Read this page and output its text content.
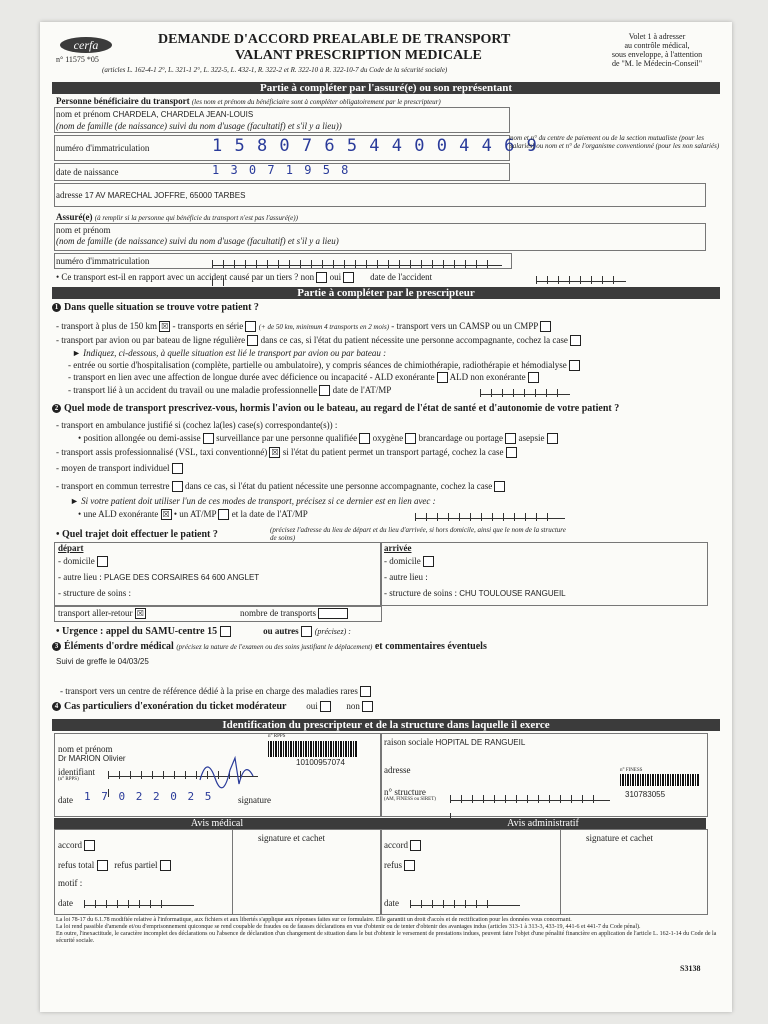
cerfa
n° 11575 *05
DEMANDE D'ACCORD PREALABLE DE TRANSPORT
VALANT PRESCRIPTION MEDICALE
(articles L. 162-4-1 2°, L. 321-1 2°, L. 322-5, L. 432-1, R. 322-2 et R. 322-10 à R. 322-10-7 du Code de la sécurité sociale)
Volet 1 à adresser
au contrôle médical,
sous enveloppe, à l'attention
de "M. le Médecin-Conseil"
Partie à compléter par l'assuré(e) ou son représentant
Personne bénéficiaire du transport (les nom et prénom du bénéficiaire sont à compléter obligatoirement par le prescripteur)
nom et prénom CHARDELA, CHARDELA JEAN-LOUIS
(nom de famille (de naissance) suivi du nom d'usage (facultatif) et s'il y a lieu))
numéro d'immatriculation	1 5 8 0 7 6 5 4 4 0 0 4 4 6 9
nom et n° du centre de paiement ou de la section mutualiste (pour les salariés) ou nom et n° de l'organisme conventionné (pour les non salariés)
date de naissance	1 3 0 7 1 9 5 8
adresse 17 AV MARECHAL JOFFRE, 65000 TARBES
Assuré(e) (à remplir si la personne qui bénéficie du transport n'est pas l'assuré(e))
nom et prénom
(nom de famille (de naissance) suivi du nom d'usage (facultatif) et s'il y a lieu)
numéro d'immatriculation
• Ce transport est-il en rapport avec un accident causé par un tiers ? non oui	date de l'accident
Partie à compléter par le prescripteur
1 Dans quelle situation se trouve votre patient ?
- transport à plus de 150 km ☒ - transports en série (+ de 50 km, minimum 4 transports en 2 mois) - transport vers un CAMSP ou un CMPP
- transport par avion ou par bateau de ligne régulière dans ce cas, si l'état du patient nécessite une personne accompagnante, cochez la case
► Indiquez, ci-dessous, à quelle situation est lié le transport par avion ou par bateau :
- entrée ou sortie d'hospitalisation (complète, partielle ou ambulatoire), y compris séances de chimiothérapie, radiothérapie et hémodialyse
- transport en lien avec une affection de longue durée avec déficience ou incapacité - ALD exonérante ALD non exonérante
- transport lié à un accident du travail ou une maladie professionnelle date de l'AT/MP
2 Quel mode de transport prescrivez-vous, hormis l'avion ou le bateau, au regard de l'état de santé et d'autonomie de votre patient ?
- transport en ambulance justifié si (cochez la(les) case(s) correspondante(s)) :
• position allongée ou demi-assise surveillance par une personne qualifiée oxygène brancardage ou portage asepsie
- transport assis professionnalisé (VSL, taxi conventionné) ☒ si l'état du patient permet un transport partagé, cochez la case
- moyen de transport individuel
- transport en commun terrestre dans ce cas, si l'état du patient nécessite une personne accompagnante, cochez la case
► Si votre patient doit utiliser l'un de ces modes de transport, précisez si ce dernier est en lien avec :
• une ALD exonérante ☒ • un AT/MP et la date de l'AT/MP
• Quel trajet doit effectuer le patient ?	(précisez l'adresse du lieu de départ et du lieu d'arrivée, si hors domicile, ainsi que le nom de la structure de soins)
départ	arrivée
- domicile	- domicile
- autre lieu : PLAGE DES CORSAIRES 64 600 ANGLET	- autre lieu :
- structure de soins :	- structure de soins : CHU TOULOUSE RANGUEIL
transport aller-retour ☒	nombre de transports
• Urgence : appel du SAMU-centre 15	ou autres (précisez) :
3 Éléments d'ordre médical (précisez la nature de l'examen ou des soins justifiant le déplacement) et commentaires éventuels
Suivi de greffe le 04/03/25
- transport vers un centre de référence dédié à la prise en charge des maladies rares
4 Cas particuliers d'exonération du ticket modérateur oui	non
Identification du prescripteur et de la structure dans laquelle il exerce
nom et prénom
Dr MARION Olivier
n° RPPS
10100957074
identifiant
(n° RPPS)
date 1 7 0 2 2 0 2 5	signature
raison sociale HOPITAL DE RANGUEIL
adresse	n° FINESS
n° structure
(AM, FINESS ou SIRET)
310783055
Avis médical	Avis administratif
accord
refus total refus partiel
motif :
date
signature et cachet
accord
refus
date
signature et cachet
La loi 78-17 du 6.1.78 modifiée relative à l'informatique, aux fichiers et aux libertés s'applique aux réponses faites sur ce formulaire. Elle garantit un droit d'accès et de rectification pour les données vous concernant.
La loi rend passible d'amende et/ou d'emprisonnement quiconque se rend coupable de fraudes ou de fausses déclarations en vue d'obtenir ou de tenter d'obtenir des avantages indus (articles 313-1 à 313-3, 433-19, 441-6 et 441-7 du Code pénal).
En outre, l'inexactitude, le caractère incomplet des déclarations ou l'absence de déclaration d'un changement de situation dans le but d'obtenir le versement de prestations indues, peuvent faire l'objet d'une pénalité financière en application de l'article L. 162-1-14 du Code de la sécurité sociale.
S3138
